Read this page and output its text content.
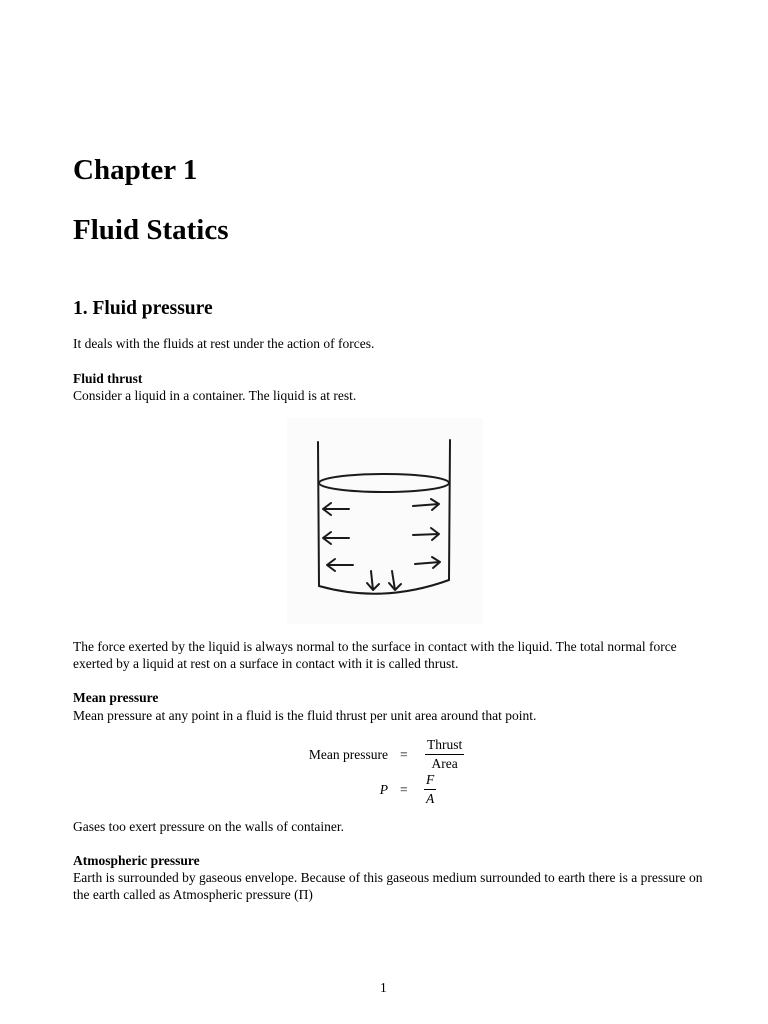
Chapter 1
Fluid Statics
1. Fluid pressure
It deals with the fluids at rest under the action of forces.
Fluid thrust
Consider a liquid in a container. The liquid is at rest.
The force exerted by the liquid is always normal to the surface in contact with the liquid. The total normal force exerted by a liquid at rest on a surface in contact with it is called thrust.
Mean pressure
Mean pressure at any point in a fluid is the fluid thrust per unit area around that point.
Mean pressure =
Thrust
Area
P =
F
A
Gases too exert pressure on the walls of container.
Atmospheric pressure
Earth is surrounded by gaseous envelope. Because of this gaseous medium surrounded to earth there is a pressure on the earth called as Atmospheric pressure (Π)
1
